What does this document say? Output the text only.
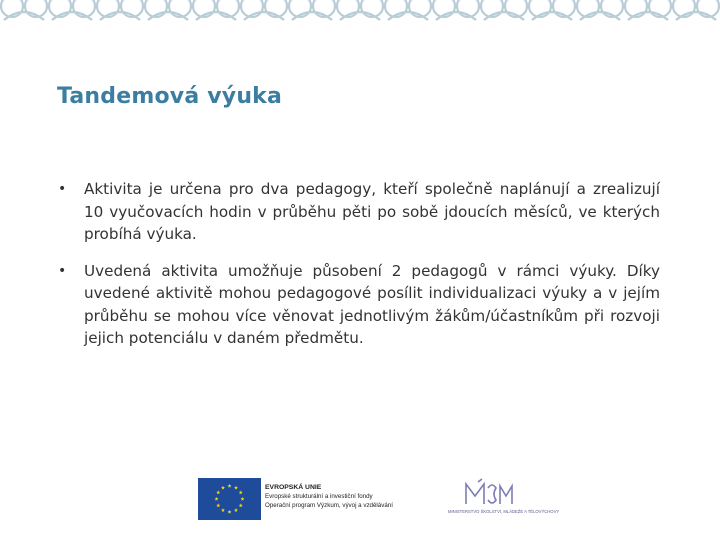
Tandemová výuka
• Aktivita je určena pro dva pedagogy, kteří společně naplánují a zrealizují 10 vyučovacích hodin v průběhu pěti po sobě jdoucích měsíců, ve kterých probíhá výuka.
• Uvedená aktivita umožňuje působení 2 pedagogů v rámci výuky. Díky uvedené aktivitě mohou pedagogové posílit individualizaci výuky a v jejím průběhu se mohou více věnovat jednotlivým žákům/účastníkům při rozvoji jejich potenciálu v daném předmětu.
EVROPSKÁ UNIE
Evropské strukturální a investiční fondy
Operační program Výzkum, vývoj a vzdělávání
MINISTERSTVO ŠKOLSTVÍ, MLÁDEŽE A TĚLOVÝCHOVY
